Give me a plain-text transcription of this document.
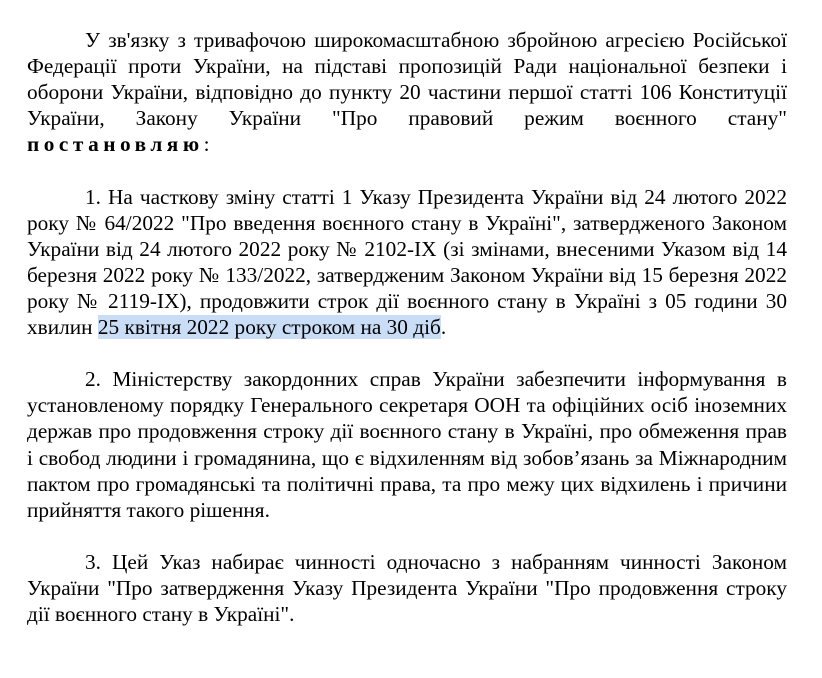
У зв'язку з тривафочою широкомасштабною збройною агресією Російської Федерації проти України, на підставі пропозицій Ради національної безпеки і оборони України, відповідно до пункту 20 частини першої статті 106 Конституції України, Закону України "Про правовий режим воєнного стану" постановляю:

1. На часткову зміну статті 1 Указу Президента України від 24 лютого 2022 року № 64/2022 "Про введення воєнного стану в Україні", затвердженого Законом України від 24 лютого 2022 року № 2102-IX (зі змінами, внесеними Указом від 14 березня 2022 року № 133/2022, затвердженим Законом України від 15 березня 2022 року № 2119-IX), продовжити строк дії воєнного стану в Україні з 05 години 30 хвилин 25 квітня 2022 року строком на 30 діб.

2. Міністерству закордонних справ України забезпечити інформування в установленому порядку Генерального секретаря ООН та офіційних осіб іноземних держав про продовження строку дії воєнного стану в Україні, про обмеження прав і свобод людини і громадянина, що є відхиленням від зобов’язань за Міжнародним пактом про громадянські та політичні права, та про межу цих відхилень і причини прийняття такого рішення.

3. Цей Указ набирає чинності одночасно з набранням чинності Законом України "Про затвердження Указу Президента України "Про продовження строку дії воєнного стану в Україні".
